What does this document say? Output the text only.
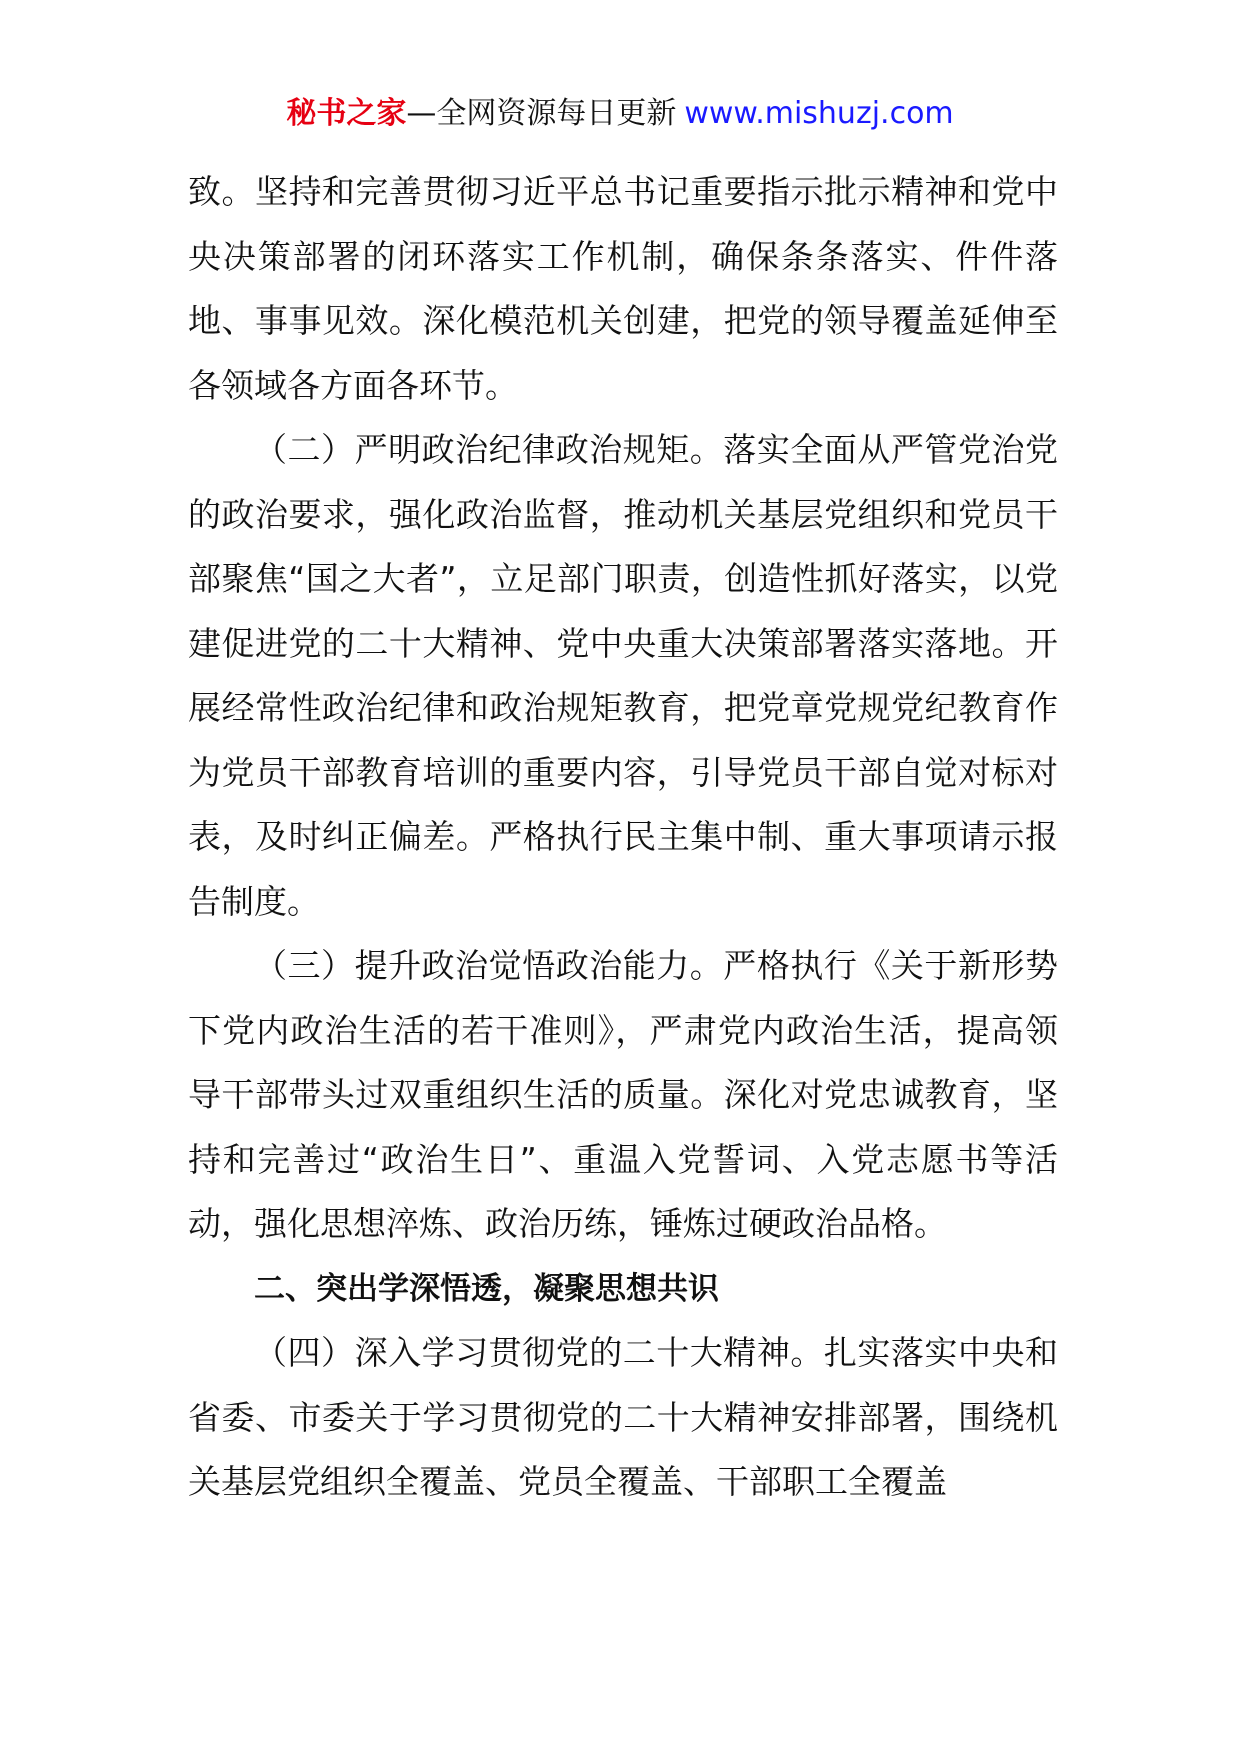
秘书之家—全网资源每日更新 www.mishuzj.com

致。坚持和完善贯彻习近平总书记重要指示批示精神和党中央决策部署的闭环落实工作机制，确保条条落实、件件落地、事事见效。深化模范机关创建，把党的领导覆盖延伸至各领域各方面各环节。

（二）严明政治纪律政治规矩。落实全面从严管党治党的政治要求，强化政治监督，推动机关基层党组织和党员干部聚焦“国之大者”，立足部门职责，创造性抓好落实，以党建促进党的二十大精神、党中央重大决策部署落实落地。开展经常性政治纪律和政治规矩教育，把党章党规党纪教育作为党员干部教育培训的重要内容，引导党员干部自觉对标对表，及时纠正偏差。严格执行民主集中制、重大事项请示报告制度。

（三）提升政治觉悟政治能力。严格执行《关于新形势下党内政治生活的若干准则》，严肃党内政治生活，提高领导干部带头过双重组织生活的质量。深化对党忠诚教育，坚持和完善过“政治生日”、重温入党誓词、入党志愿书等活动，强化思想淬炼、政治历练，锤炼过硬政治品格。

二、突出学深悟透，凝聚思想共识

（四）深入学习贯彻党的二十大精神。扎实落实中央和省委、市委关于学习贯彻党的二十大精神安排部署，围绕机关基层党组织全覆盖、党员全覆盖、干部职工全覆盖
